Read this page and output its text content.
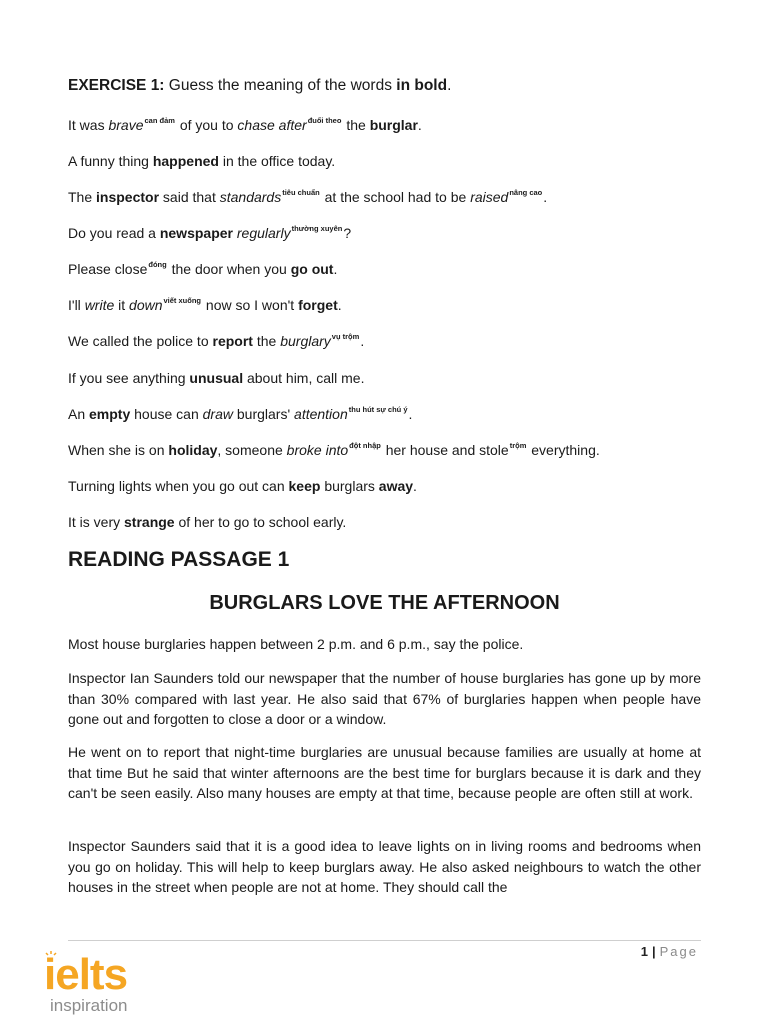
EXERCISE 1: Guess the meaning of the words in bold.
It was brave$^{can đảm}$ of you to chase after$^{đuổi theo}$ the burglar.
A funny thing happened in the office today.
The inspector said that standards$^{tiêu chuẩn}$ at the school had to be raised$^{nâng cao}$.
Do you read a newspaper regularly$^{thường xuyên}$?
Please close$^{đóng}$ the door when you go out.
I'll write it down$^{viết xuống}$ now so I won't forget.
We called the police to report the burglary$^{vụ trộm}$.
If you see anything unusual about him, call me.
An empty house can draw burglars' attention$^{thu hút sự chú ý}$.
When she is on holiday, someone broke into$^{đột nhập}$ her house and stole$^{trộm}$ everything.
Turning lights when you go out can keep burglars away.
It is very strange of her to go to school early.
READING PASSAGE 1
BURGLARS LOVE THE AFTERNOON
Most house burglaries happen between 2 p.m. and 6 p.m., say the police.
Inspector Ian Saunders told our newspaper that the number of house burglaries has gone up by more than 30% compared with last year. He also said that 67% of burglaries happen when people have gone out and forgotten to close a door or a window.
He went on to report that night-time burglaries are unusual because families are usually at home at that time But he said that winter afternoons are the best time for burglars because it is dark and they can't be seen easily. Also many houses are empty at that time, because people are often still at work.
Inspector Saunders said that it is a good idea to leave lights on in living rooms and bedrooms when you go on holiday. This will help to keep burglars away. He also asked neighbours to watch the other houses in the street when people are not at home. They should call the
1 | Page
ielts
inspiration
